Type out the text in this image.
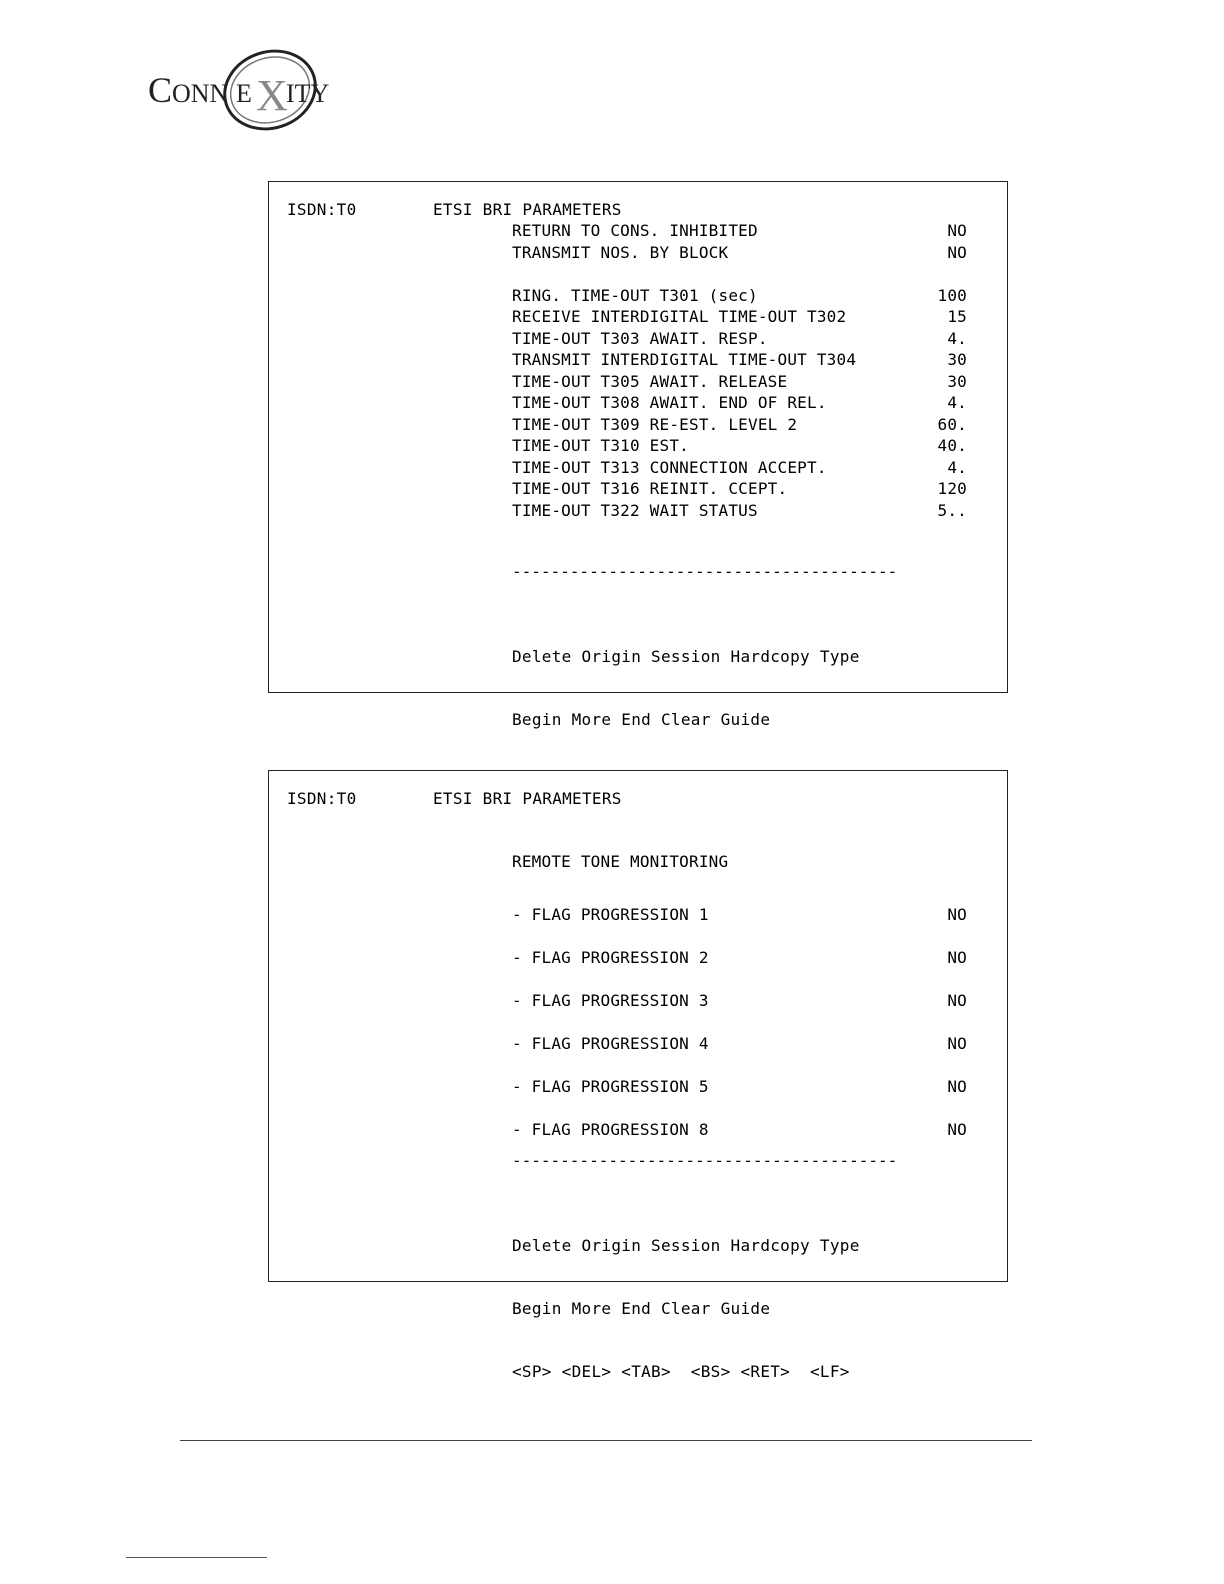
C ONN E X
ITY
ISDN:T0	ETSI BRI PARAMETERS
RETURN TO CONS. INHIBITED	NO
TRANSMIT NOS. BY BLOCK	NO
RING. TIME-OUT T301 (sec)	100
RECEIVE INTERDIGITAL TIME-OUT T302	15
TIME-OUT T303 AWAIT. RESP.	4.
TRANSMIT INTERDIGITAL TIME-OUT T304	30
TIME-OUT T305 AWAIT. RELEASE	30
TIME-OUT T308 AWAIT. END OF REL.	4.
TIME-OUT T309 RE-EST. LEVEL 2	60.
TIME-OUT T310 EST.	40.
TIME-OUT T313 CONNECTION ACCEPT.	4.
TIME-OUT T316 REINIT. CCEPT.	120
TIME-OUT T322 WAIT STATUS	5..
----------------------------------------

Delete Origin Session Hardcopy Type

Begin More End Clear Guide

ISDN:T0	ETSI BRI PARAMETERS
REMOTE TONE MONITORING
- FLAG PROGRESSION 1	NO
- FLAG PROGRESSION 2	NO
- FLAG PROGRESSION 3	NO
- FLAG PROGRESSION 4	NO
- FLAG PROGRESSION 5	NO
- FLAG PROGRESSION 8	NO
----------------------------------------

Delete Origin Session Hardcopy Type

Begin More End Clear Guide

<SP> <DEL> <TAB>  <BS> <RET>  <LF>
